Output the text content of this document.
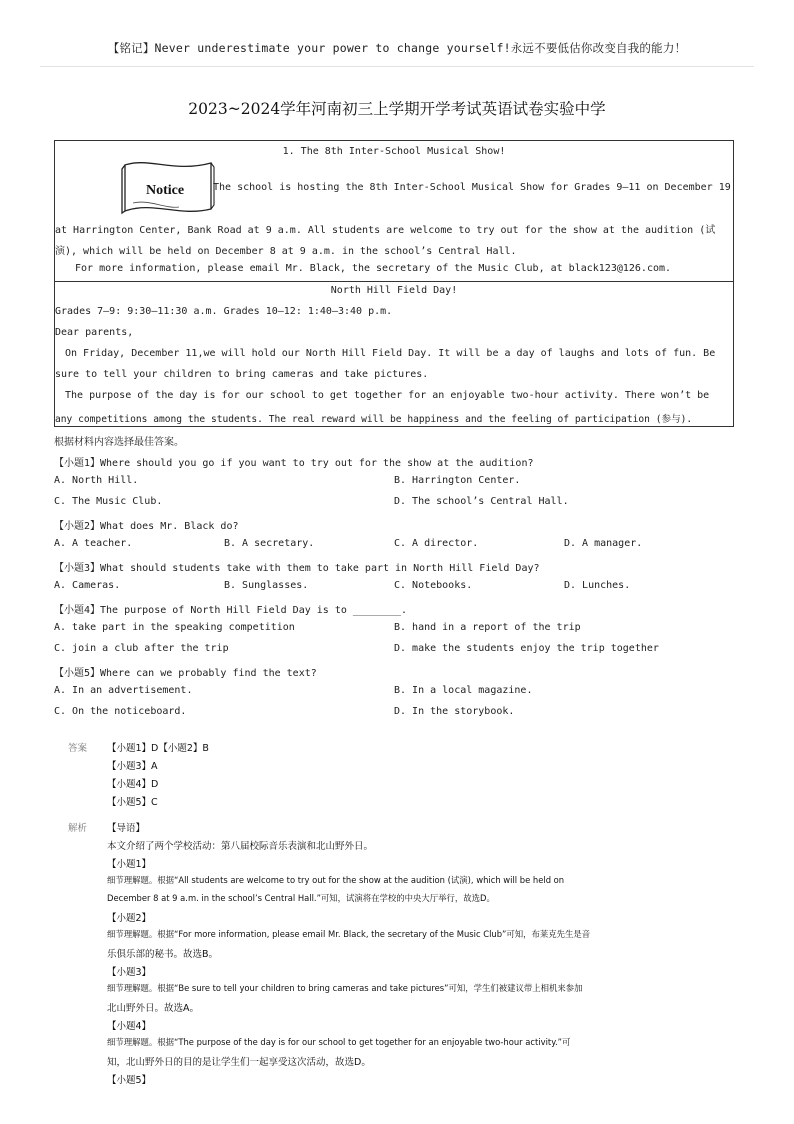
【铭记】Never underestimate your power to change yourself!永远不要低估你改变自我的能力！
2023~2024学年河南初三上学期开学考试英语试卷实验中学
1. The 8th Inter-School Musical Show!
Notice	The school is hosting the 8th Inter-School Musical Show for Grades 9—11 on December 19
at Harrington Center, Bank Road at 9 a.m. All students are welcome to try out for the show at the audition (试
演), which will be held on December 8 at 9 a.m. in the school’s Central Hall.
For more information, please email Mr. Black, the secretary of the Music Club, at black123@126.com.
North Hill Field Day!
Grades 7—9: 9:30—11:30 a.m. Grades 10—12: 1:40—3:40 p.m.
Dear parents,
On Friday, December 11,we will hold our North Hill Field Day. It will be a day of laughs and lots of fun. Be
sure to tell your children to bring cameras and take pictures.
The purpose of the day is for our school to get together for an enjoyable two-hour activity. There won’t be
any competitions among the students. The real reward will be happiness and the feeling of participation (参与).
根据材料内容选择最佳答案。
【小题1】Where should you go if you want to try out for the show at the audition?
A. North Hill.	B. Harrington Center.
C. The Music Club.	D. The school’s Central Hall.
【小题2】What does Mr. Black do?
A. A teacher.	B. A secretary.	C. A director.	D. A manager.
【小题3】What should students take with them to take part in North Hill Field Day?
A. Cameras.	B. Sunglasses.	C. Notebooks.	D. Lunches.
【小题4】The purpose of North Hill Field Day is to ________.
A. take part in the speaking competition	B. hand in a report of the trip
C. join a club after the trip	D. make the students enjoy the trip together
【小题5】Where can we probably find the text?
A. In an advertisement.	B. In a local magazine.
C. On the noticeboard.	D. In the storybook.
答案 【小题1】D【小题2】B
【小题3】A
【小题4】D
【小题5】C
解析 【导语】
本文介绍了两个学校活动：第八届校际音乐表演和北山野外日。
【小题1】
细节理解题。根据“All students are welcome to try out for the show at the audition (试演), which will be held on
December 8 at 9 a.m. in the school’s Central Hall.”可知，试演将在学校的中央大厅举行，故选D。
【小题2】
细节理解题。根据“For more information, please email Mr. Black, the secretary of the Music Club”可知，布莱克先生是音
乐俱乐部的秘书。故选B。
【小题3】
细节理解题。根据“Be sure to tell your children to bring cameras and take pictures”可知，学生们被建议带上相机来参加
北山野外日。故选A。
【小题4】
细节理解题。根据“The purpose of the day is for our school to get together for an enjoyable two-hour activity.”可
知，北山野外日的目的是让学生们一起享受这次活动，故选D。
【小题5】
